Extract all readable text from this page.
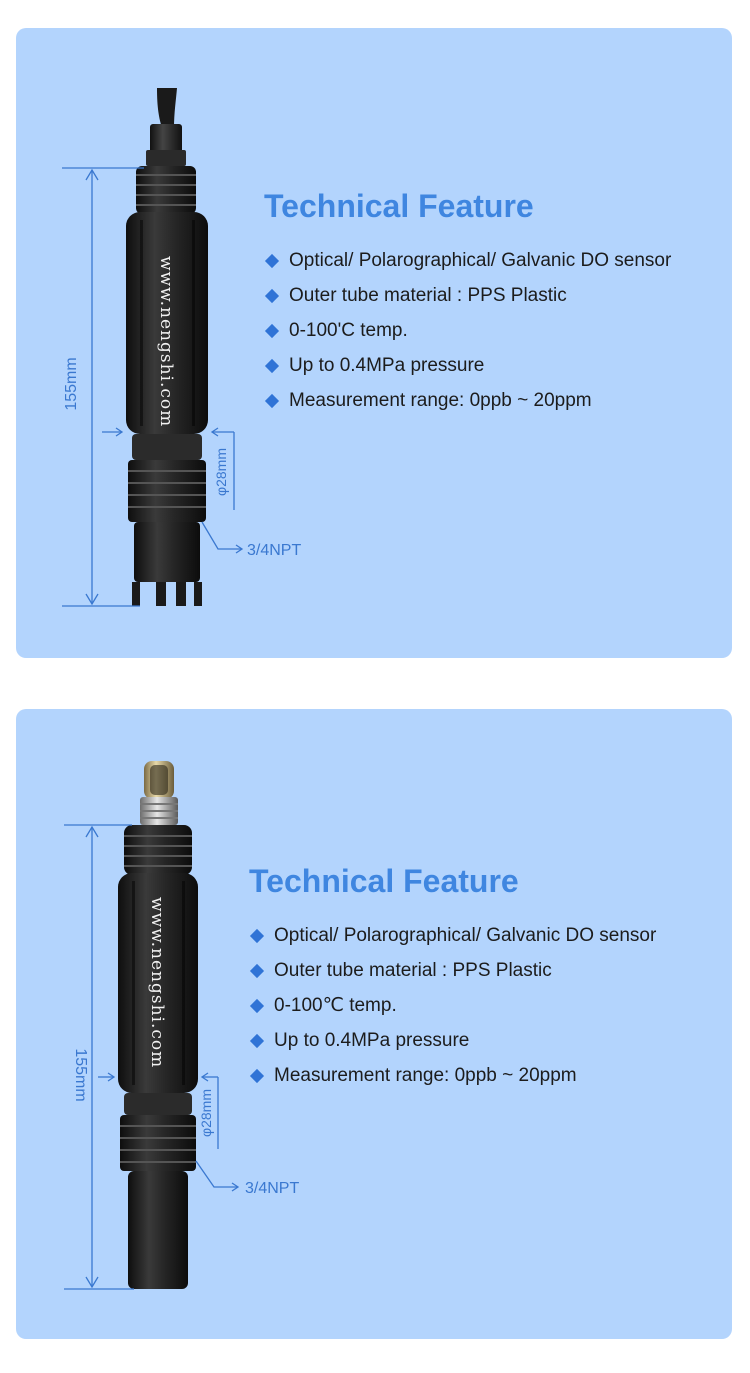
www.nengshi.com
155mm
φ28mm
3/4NPT
Technical Feature
Optical/ Polarographical/ Galvanic DO sensor
Outer tube material : PPS Plastic
0-100'C temp.
Up to 0.4MPa pressure
Measurement range: 0ppb ~ 20ppm
www.nengshi.com
155mm
φ28mm
3/4NPT
Technical Feature
Optical/ Polarographical/ Galvanic DO sensor
Outer tube material : PPS Plastic
0-100℃ temp.
Up to 0.4MPa pressure
Measurement range: 0ppb ~ 20ppm
